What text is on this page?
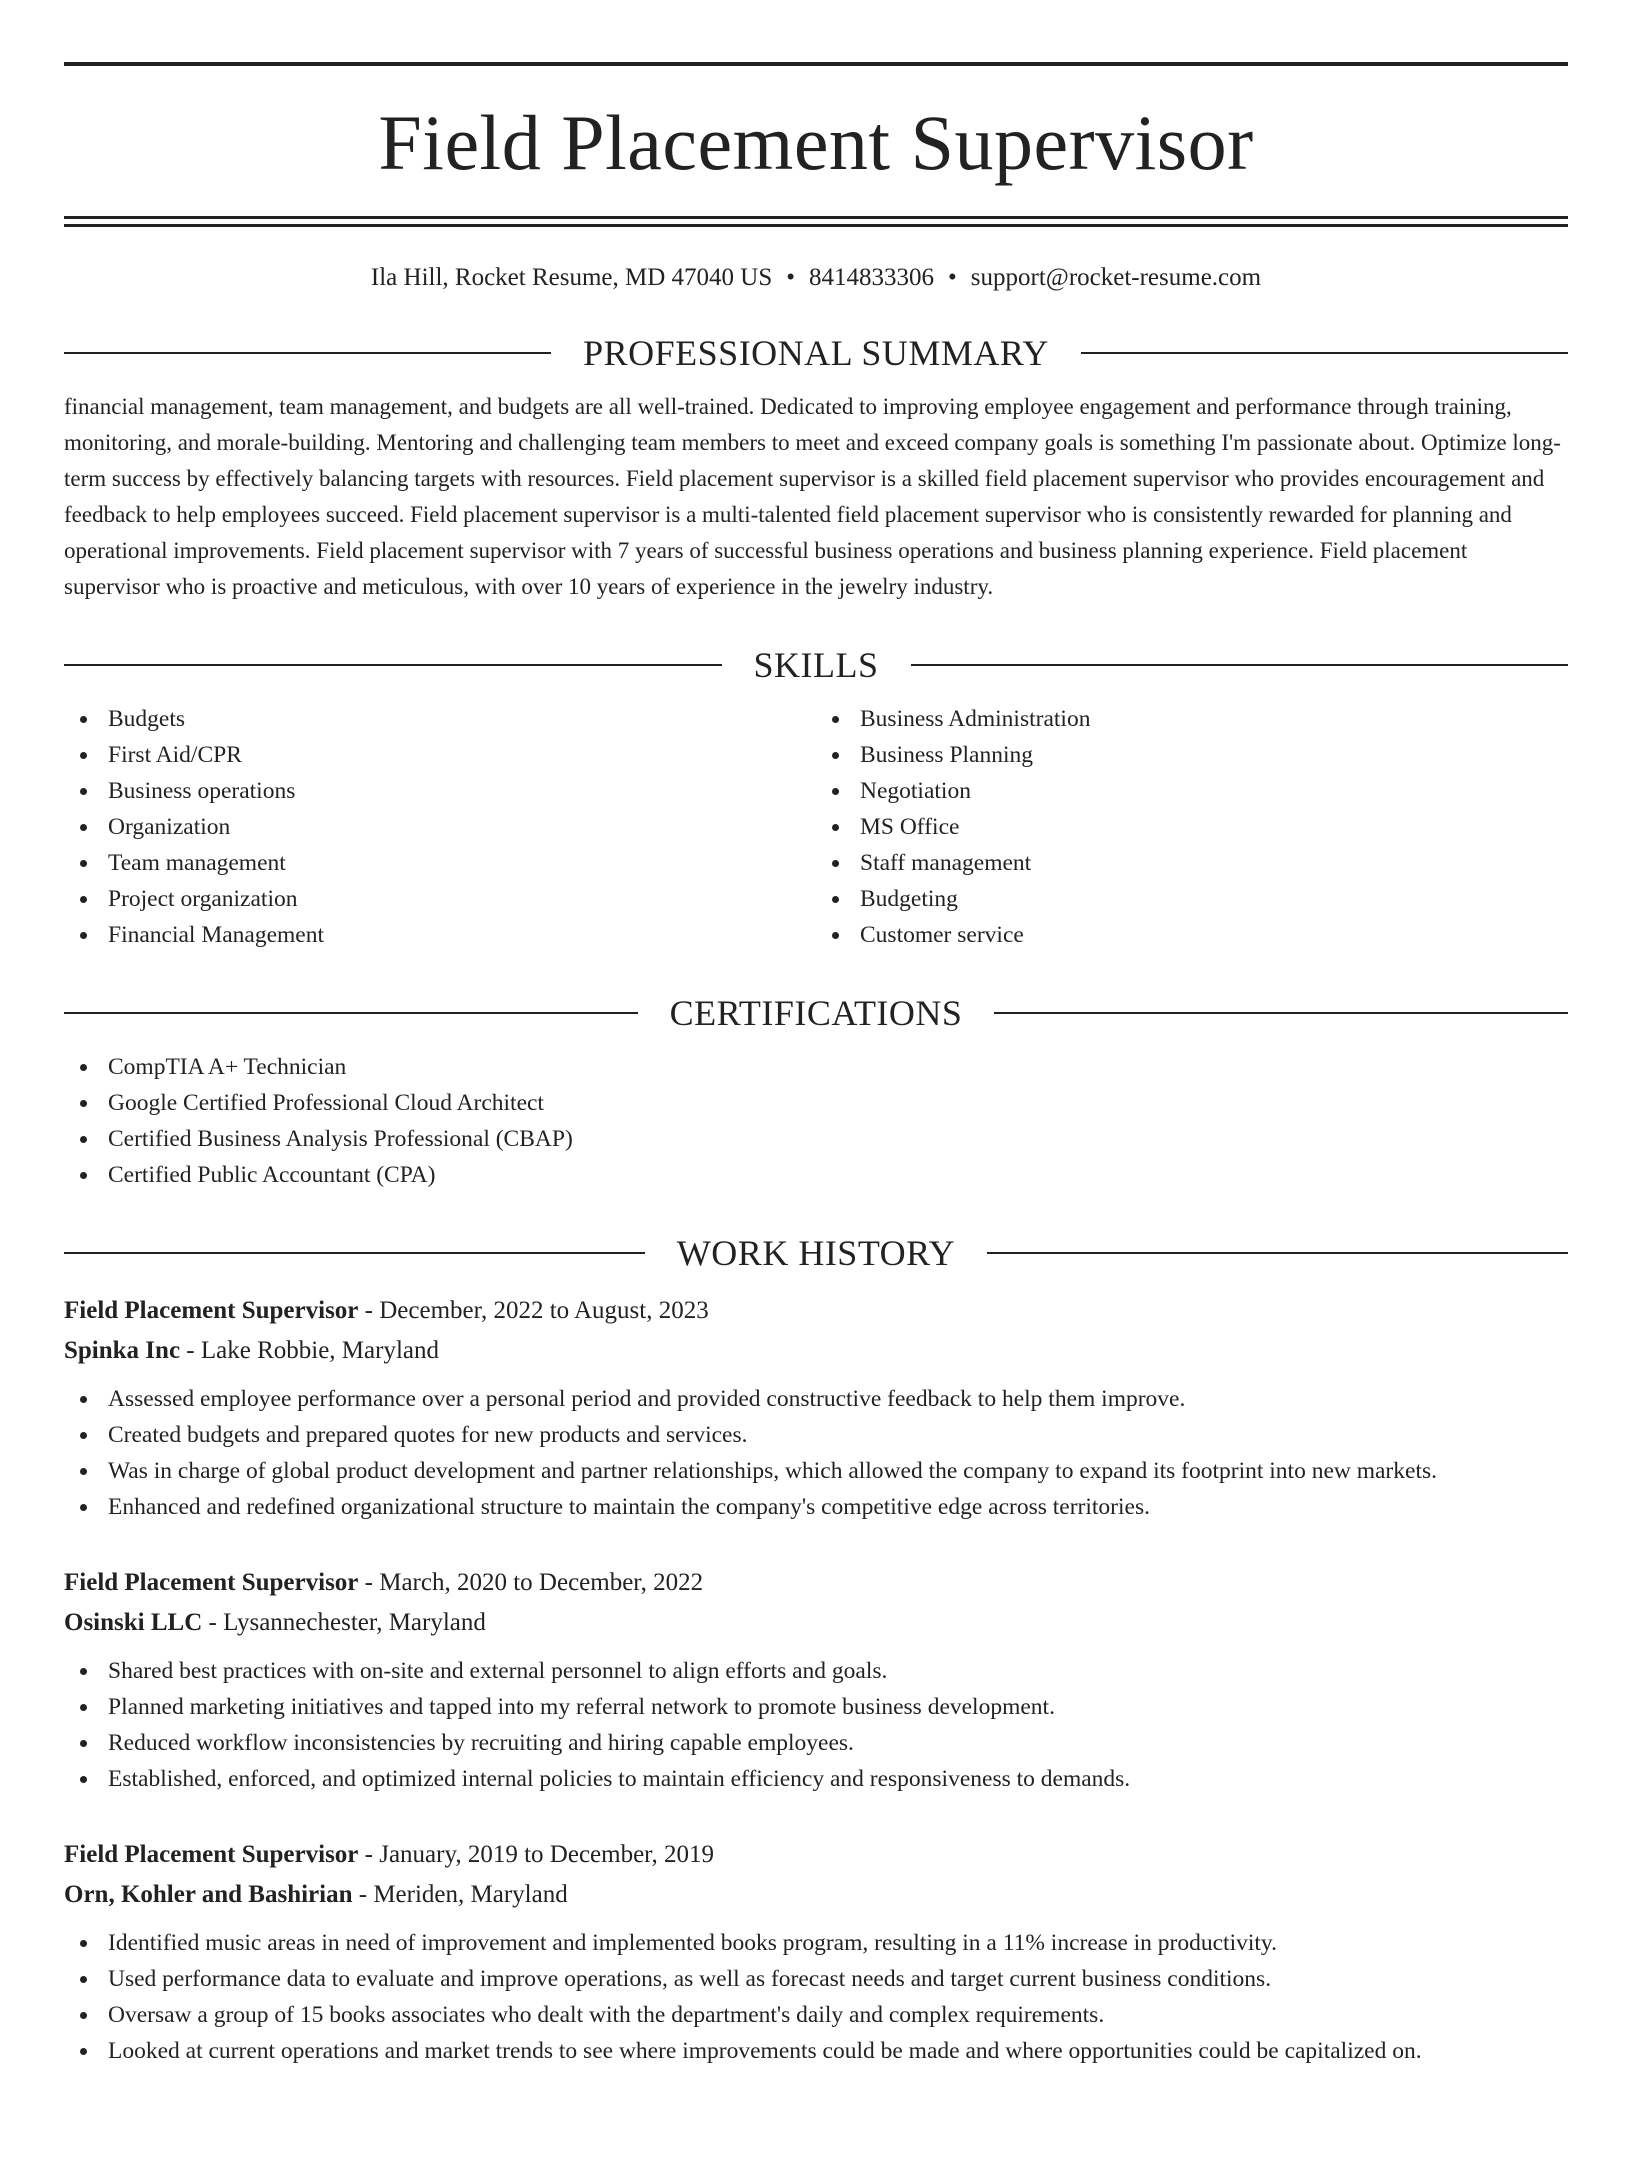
Field Placement Supervisor
Ila Hill, Rocket Resume, MD 47040 US • 8414833306 • support@rocket-resume.com
PROFESSIONAL SUMMARY
financial management, team management, and budgets are all well-trained. Dedicated to improving employee engagement and performance through training, monitoring, and morale-building. Mentoring and challenging team members to meet and exceed company goals is something I'm passionate about. Optimize long-term success by effectively balancing targets with resources. Field placement supervisor is a skilled field placement supervisor who provides encouragement and feedback to help employees succeed. Field placement supervisor is a multi-talented field placement supervisor who is consistently rewarded for planning and operational improvements. Field placement supervisor with 7 years of successful business operations and business planning experience. Field placement supervisor who is proactive and meticulous, with over 10 years of experience in the jewelry industry.
SKILLS
Budgets
First Aid/CPR
Business operations
Organization
Team management
Project organization
Financial Management
Business Administration
Business Planning
Negotiation
MS Office
Staff management
Budgeting
Customer service
CERTIFICATIONS
CompTIA A+ Technician
Google Certified Professional Cloud Architect
Certified Business Analysis Professional (CBAP)
Certified Public Accountant (CPA)
WORK HISTORY
Field Placement Supervisor - December, 2022 to August, 2023
Spinka Inc - Lake Robbie, Maryland
Assessed employee performance over a personal period and provided constructive feedback to help them improve.
Created budgets and prepared quotes for new products and services.
Was in charge of global product development and partner relationships, which allowed the company to expand its footprint into new markets.
Enhanced and redefined organizational structure to maintain the company's competitive edge across territories.
Field Placement Supervisor - March, 2020 to December, 2022
Osinski LLC - Lysannechester, Maryland
Shared best practices with on-site and external personnel to align efforts and goals.
Planned marketing initiatives and tapped into my referral network to promote business development.
Reduced workflow inconsistencies by recruiting and hiring capable employees.
Established, enforced, and optimized internal policies to maintain efficiency and responsiveness to demands.
Field Placement Supervisor - January, 2019 to December, 2019
Orn, Kohler and Bashirian - Meriden, Maryland
Identified music areas in need of improvement and implemented books program, resulting in a 11% increase in productivity.
Used performance data to evaluate and improve operations, as well as forecast needs and target current business conditions.
Oversaw a group of 15 books associates who dealt with the department's daily and complex requirements.
Looked at current operations and market trends to see where improvements could be made and where opportunities could be capitalized on.
